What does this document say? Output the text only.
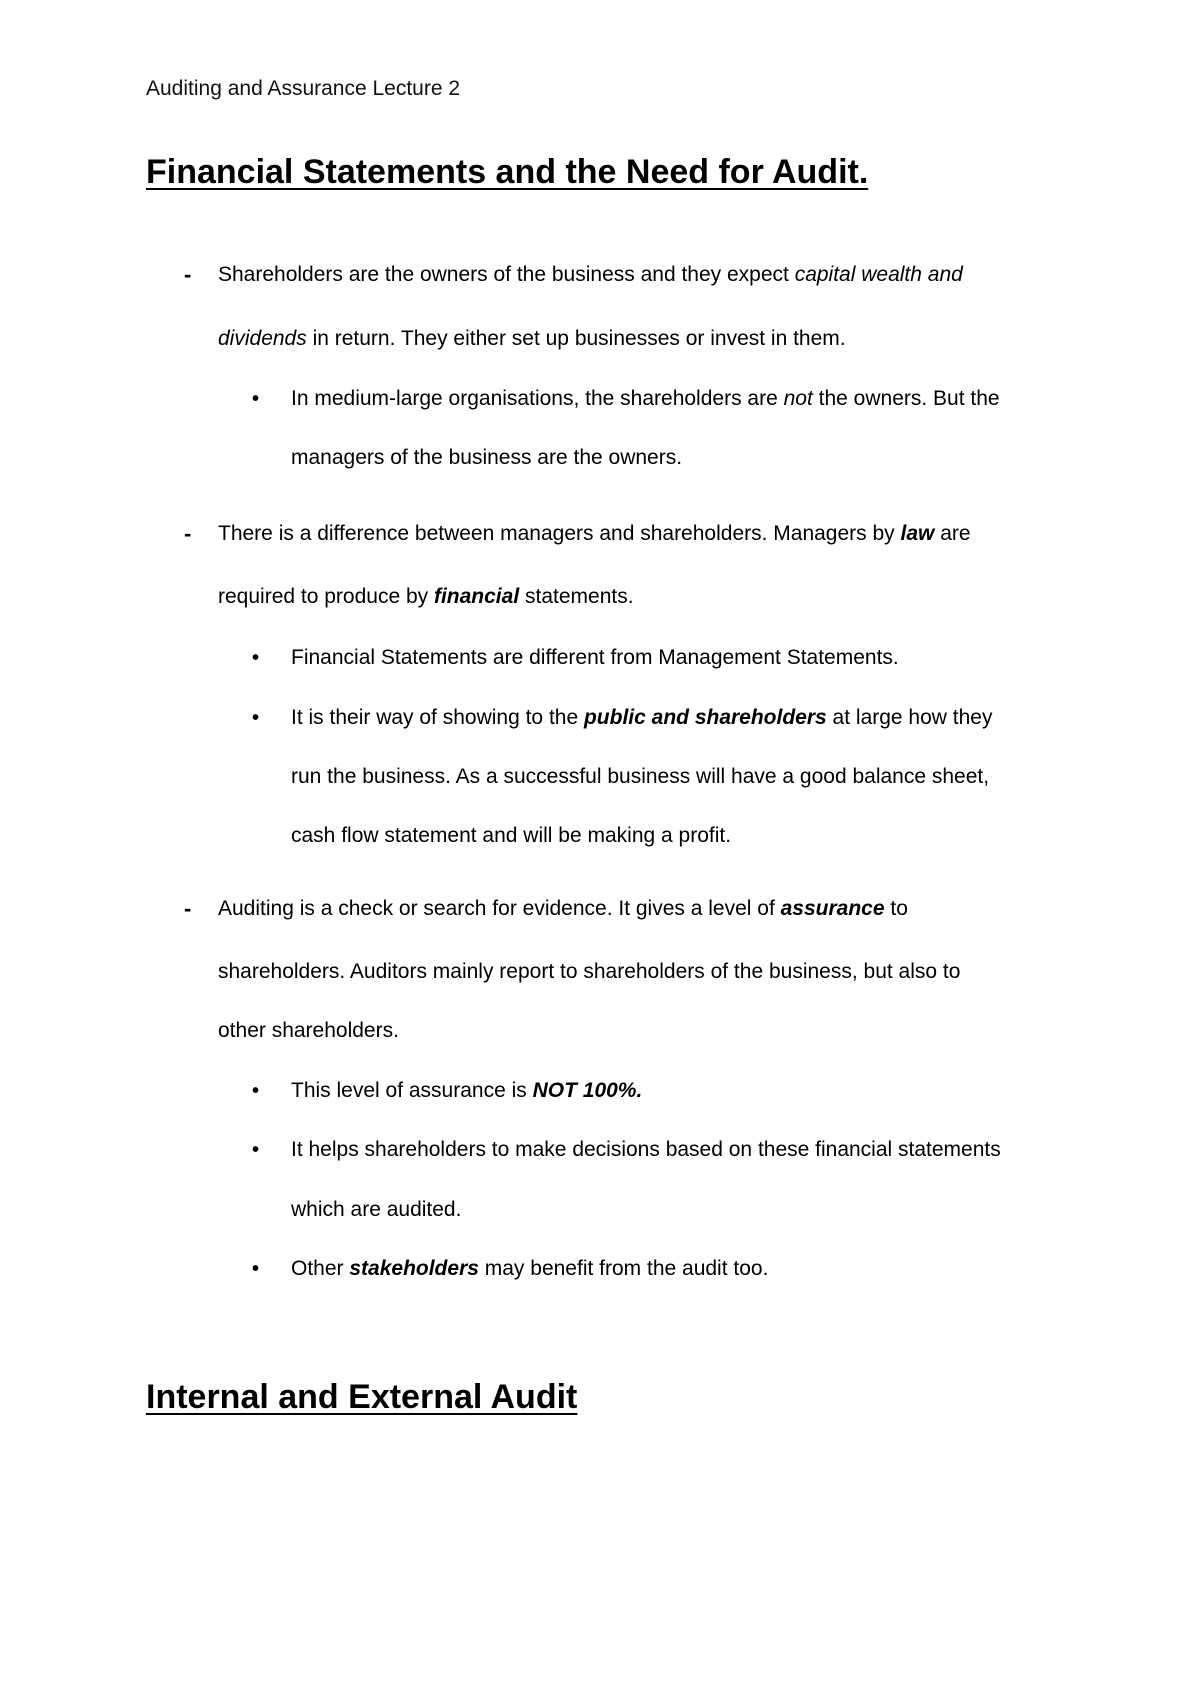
Auditing and Assurance Lecture 2
Financial Statements and the Need for Audit.
- Shareholders are the owners of the business and they expect capital wealth and
dividends in return. They either set up businesses or invest in them.
• In medium-large organisations, the shareholders are not the owners. But the
managers of the business are the owners.
- There is a difference between managers and shareholders. Managers by law are
required to produce by financial statements.
• Financial Statements are different from Management Statements.
• It is their way of showing to the public and shareholders at large how they
run the business. As a successful business will have a good balance sheet,
cash flow statement and will be making a profit.
- Auditing is a check or search for evidence. It gives a level of assurance to
shareholders. Auditors mainly report to shareholders of the business, but also to
other shareholders.
• This level of assurance is NOT 100%.
• It helps shareholders to make decisions based on these financial statements
which are audited.
• Other stakeholders may benefit from the audit too.
Internal and External Audit
